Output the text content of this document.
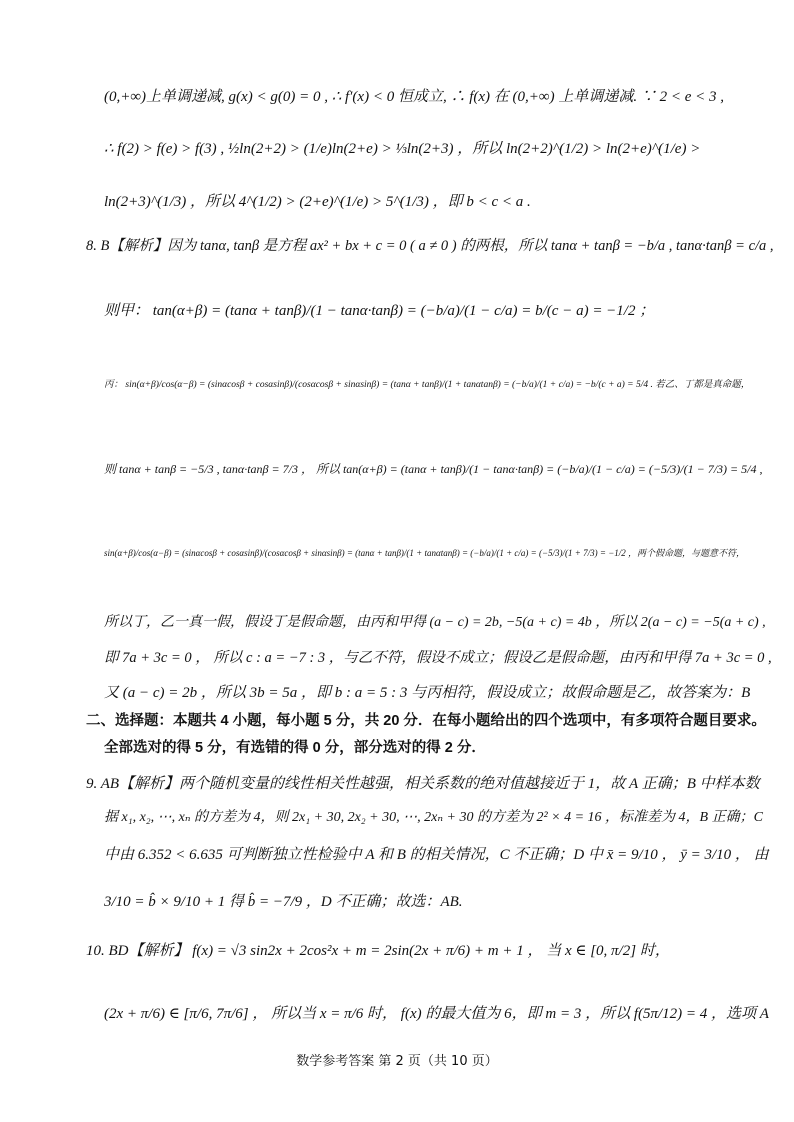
(0,+∞)上单调递减, g(x) < g(0) = 0 , ∴ f′(x) < 0 恒成立, ∴ f(x) 在 (0,+∞) 上单调递减. ∵ 2 < e < 3 ,
∴ f(2) > f(e) > f(3) , ½ln(2+2) > (1/e)ln(2+e) > ⅓ln(2+3) ，所以 ln(2+2)^(1/2) > ln(2+e)^(1/e) >
ln(2+3)^(1/3) ，所以 4^(1/2) > (2+e)^(1/e) > 5^(1/3) ，即 b < c < a .
8. B【解析】因为 tanα, tanβ 是方程 ax² + bx + c = 0 ( a ≠ 0 ) 的两根，所以 tanα + tanβ = −b/a , tanα·tanβ = c/a ,
则甲： tan(α+β) = (tanα + tanβ)/(1 − tanα·tanβ) = (−b/a)/(1 − c/a) = b/(c − a) = −1/2 ；
丙： sin(α+β)/cos(α−β) = (sinαcosβ + cosαsinβ)/(cosαcosβ + sinαsinβ) = (tanα + tanβ)/(1 + tanαtanβ) = (−b/a)/(1 + c/a) = −b/(c + a) = 5/4 . 若乙、丁都是真命题，
则 tanα + tanβ = −5/3 , tanα·tanβ = 7/3 ， 所以 tan(α+β) = (tanα + tanβ)/(1 − tanα·tanβ) = (−b/a)/(1 − c/a) = (−5/3)/(1 − 7/3) = 5/4 ,
sin(α+β)/cos(α−β) = (sinαcosβ + cosαsinβ)/(cosαcosβ + sinαsinβ) = (tanα + tanβ)/(1 + tanαtanβ) = (−b/a)/(1 + c/a) = (−5/3)/(1 + 7/3) = −1/2 ，两个假命题，与题意不符，
所以丁，乙一真一假，假设丁是假命题，由丙和甲得 (a − c) = 2b, −5(a + c) = 4b ，所以 2(a − c) = −5(a + c) ,
即 7a + 3c = 0 ， 所以 c : a = −7 : 3 ，与乙不符，假设不成立；假设乙是假命题，由丙和甲得 7a + 3c = 0 ,
又 (a − c) = 2b ，所以 3b = 5a ，即 b : a = 5 : 3 与丙相符，假设成立；故假命题是乙，故答案为：B
二、选择题：本题共 4 小题，每小题 5 分，共 20 分．在每小题给出的四个选项中，有多项符合题目要求。
全部选对的得 5 分，有选错的得 0 分，部分选对的得 2 分．
9. AB【解析】两个随机变量的线性相关性越强，相关系数的绝对值越接近于 1，故 A 正确；B 中样本数
据 x₁, x₂, ⋯, xₙ 的方差为 4，则 2x₁ + 30, 2x₂ + 30, ⋯, 2xₙ + 30 的方差为 2² × 4 = 16 ，标准差为 4，B 正确；C
中由 6.352 < 6.635 可判断独立性检验中 A 和 B 的相关情况，C 不正确；D 中 x̄ = 9/10 ， ȳ = 3/10 ， 由
3/10 = b̂ × 9/10 + 1 得 b̂ = −7/9 ，D 不正确；故选：AB.
10. BD【解析】 f(x) = √3 sin2x + 2cos²x + m = 2sin(2x + π/6) + m + 1 ， 当 x ∈ [0, π/2] 时，
(2x + π/6) ∈ [π/6, 7π/6] ， 所以当 x = π/6 时， f(x) 的最大值为 6，即 m = 3 ，所以 f(5π/12) = 4 ，选项 A
数学参考答案 第 2 页（共 10 页）
